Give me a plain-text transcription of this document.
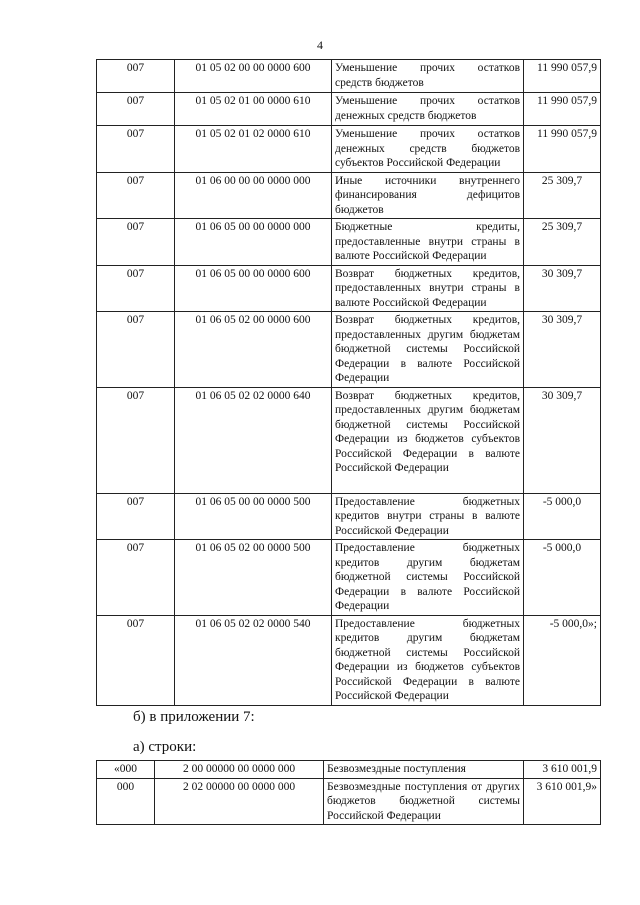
4
007	01 05 02 00 00 0000 600	Уменьшение прочих остатков средств бюджетов	11 990 057,9
007	01 05 02 01 00 0000 610	Уменьшение прочих остатков денежных средств бюджетов	11 990 057,9
007	01 05 02 01 02 0000 610	Уменьшение прочих остатков денежных средств бюджетов субъектов Российской Федерации	11 990 057,9
007	01 06 00 00 00 0000 000	Иные источники внутреннего финансирования дефицитов бюджетов	25 309,7
007	01 06 05 00 00 0000 000	Бюджетные кредиты, предоставленные внутри страны в валюте Российской Федерации	25 309,7
007	01 06 05 00 00 0000 600	Возврат бюджетных кредитов, предоставленных внутри страны в валюте Российской Федерации	30 309,7
007	01 06 05 02 00 0000 600	Возврат бюджетных кредитов, предоставленных другим бюджетам бюджетной системы Российской Федерации в валюте Российской Федерации	30 309,7
007	01 06 05 02 02 0000 640	Возврат бюджетных кредитов, предоставленных другим бюджетам бюджетной системы Российской Федерации из бюджетов субъектов Российской Федерации в валюте Российской Федерации	30 309,7
007	01 06 05 00 00 0000 500	Предоставление бюджетных кредитов внутри страны в валюте Российской Федерации	-5 000,0
007	01 06 05 02 00 0000 500	Предоставление бюджетных кредитов другим бюджетам бюджетной системы Российской Федерации в валюте Российской Федерации	-5 000,0
007	01 06 05 02 02 0000 540	Предоставление бюджетных кредитов другим бюджетам бюджетной системы Российской Федерации из бюджетов субъектов Российской Федерации в валюте Российской Федерации	-5 000,0»;
б) в приложении 7:
а) строки:
«000	2 00 00000 00 0000 000	Безвозмездные поступления	3 610 001,9
000	2 02 00000 00 0000 000	Безвозмездные поступления от других бюджетов бюджетной системы Российской Федерации	3 610 001,9»
